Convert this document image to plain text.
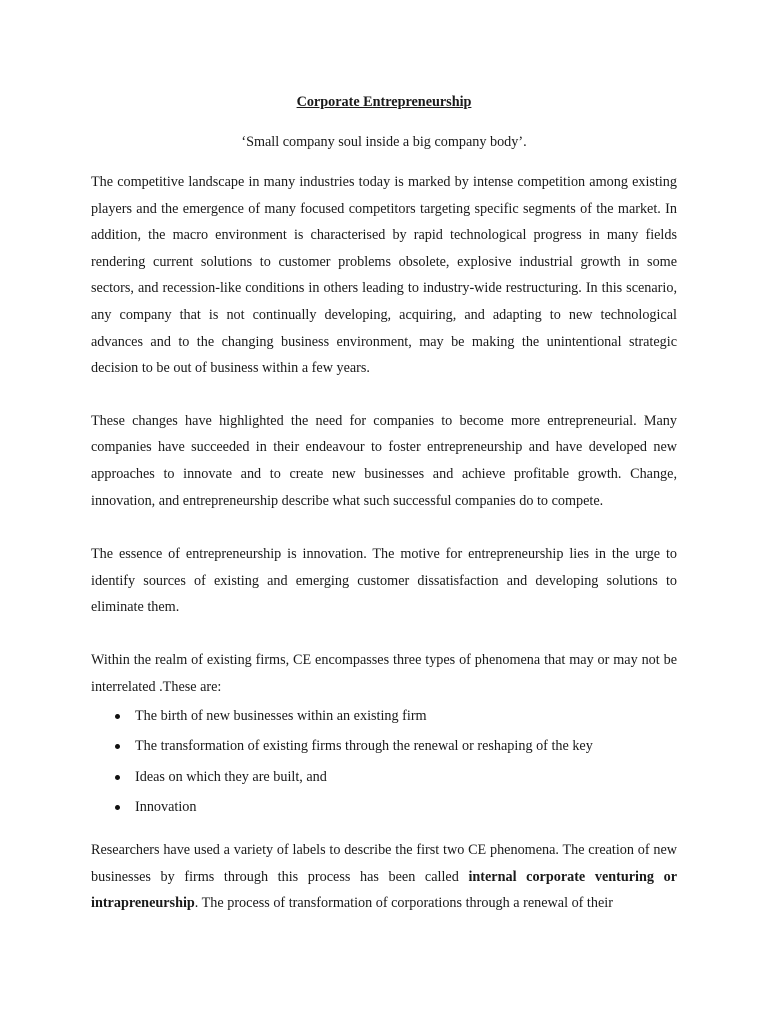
Corporate Entrepreneurship

‘Small company soul inside a big company body’.

The competitive landscape in many industries today is marked by intense competition among existing players and the emergence of many focused competitors targeting specific segments of the market. In addition, the macro environment is characterised by rapid technological progress in many fields rendering current solutions to customer problems obsolete, explosive industrial growth in some sectors, and recession-like conditions in others leading to industry-wide restructuring. In this scenario, any company that is not continually developing, acquiring, and adapting to new technological advances and to the changing business environment, may be making the unintentional strategic decision to be out of business within a few years.

These changes have highlighted the need for companies to become more entrepreneurial. Many companies have succeeded in their endeavour to foster entrepreneurship and have developed new approaches to innovate and to create new businesses and achieve profitable growth. Change, innovation, and entrepreneurship describe what such successful companies do to compete.

The essence of entrepreneurship is innovation. The motive for entrepreneurship lies in the urge to identify sources of existing and emerging customer dissatisfaction and developing solutions to eliminate them.

Within the realm of existing firms, CE encompasses three types of phenomena that may or may not be interrelated .These are:

The birth of new businesses within an existing firm
The transformation of existing firms through the renewal or reshaping of the key
Ideas on which they are built, and
Innovation

Researchers have used a variety of labels to describe the first two CE phenomena. The creation of new businesses by firms through this process has been called internal corporate venturing or intrapreneurship. The process of transformation of corporations through a renewal of their
